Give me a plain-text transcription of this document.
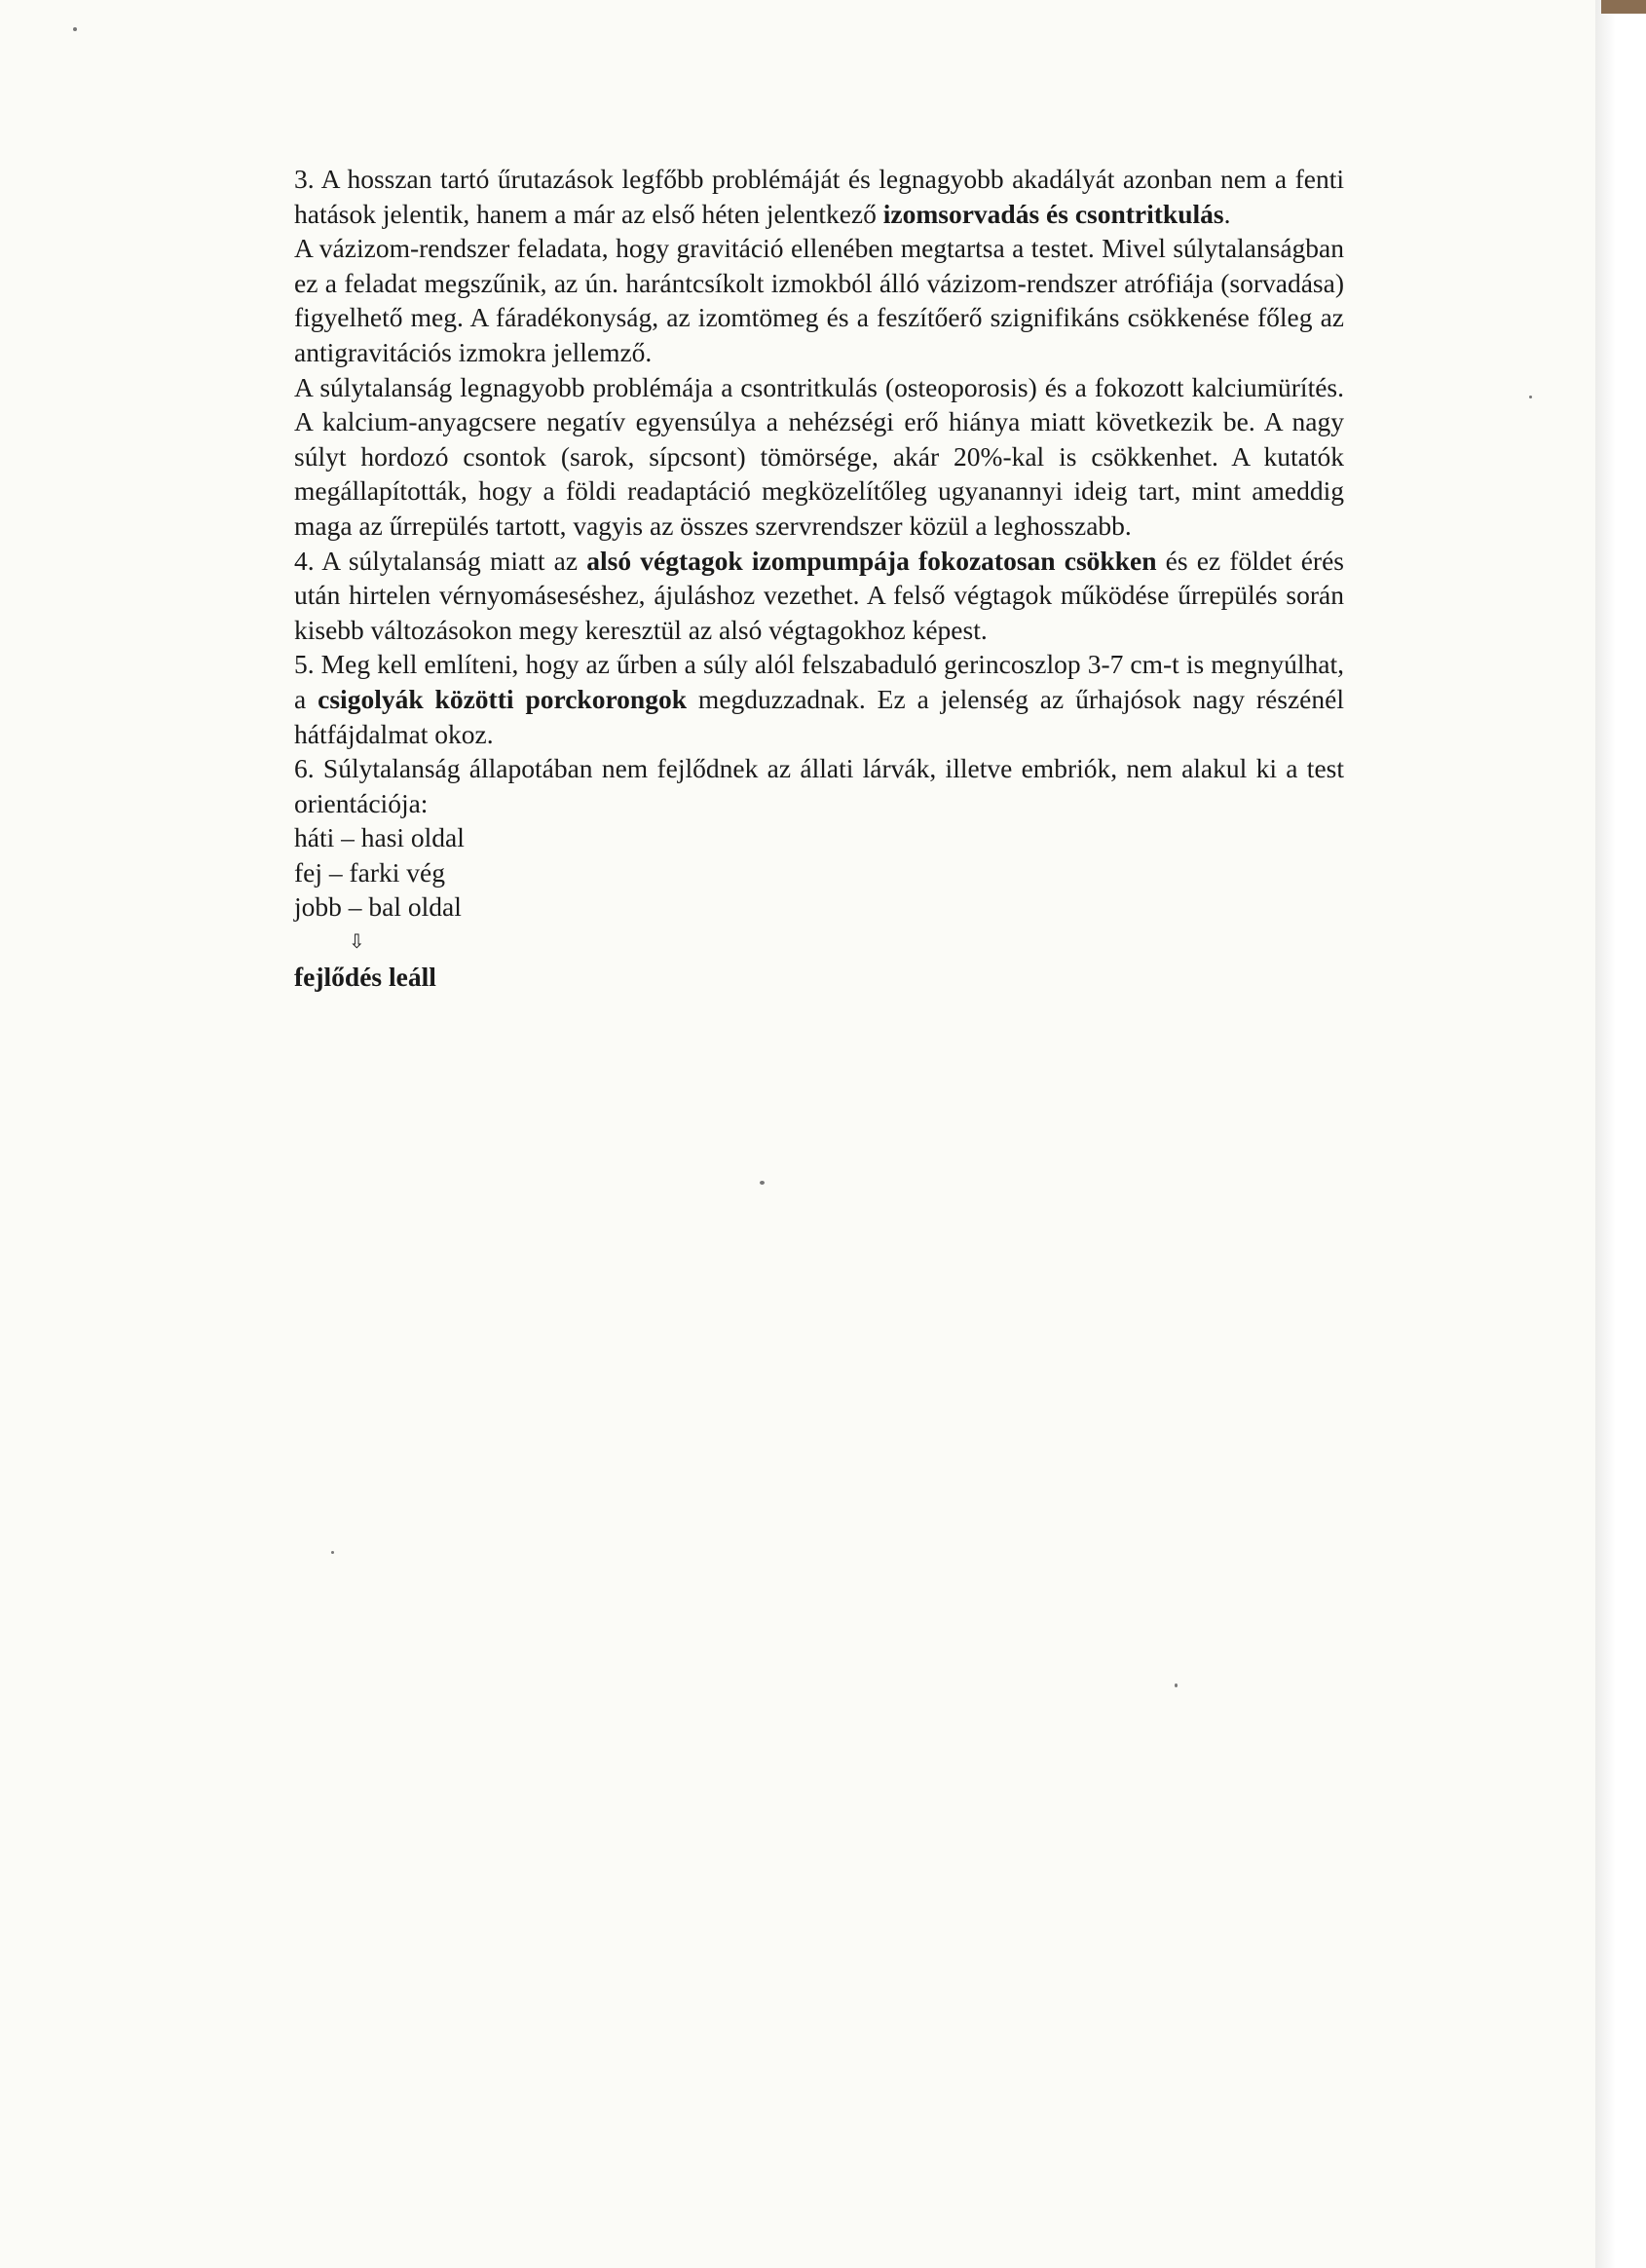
3. A hosszan tartó űrutazások legfőbb problémáját és legnagyobb akadályát azonban nem a fenti hatások jelentik, hanem a már az első héten jelentkező izomsorvadás és csontritkulás.

A vázizom-rendszer feladata, hogy gravitáció ellenében megtartsa a testet. Mivel súlytalanságban ez a feladat megszűnik, az ún. harántcsíkolt izmokból álló vázizom-rendszer atrófiája (sorvadása) figyelhető meg. A fáradékonyság, az izomtömeg és a feszítőerő szignifikáns csökkenése főleg az antigravitációs izmokra jellemző.

A súlytalanság legnagyobb problémája a csontritkulás (osteoporosis) és a fokozott kalciumürítés. A kalcium-anyagcsere negatív egyensúlya a nehézségi erő hiánya miatt következik be. A nagy súlyt hordozó csontok (sarok, sípcsont) tömörsége, akár 20%-kal is csökkenhet. A kutatók megállapították, hogy a földi readaptáció megközelítőleg ugyanannyi ideig tart, mint ameddig maga az űrrepülés tartott, vagyis az összes szervrendszer közül a leghosszabb.

4. A súlytalanság miatt az alsó végtagok izompumpája fokozatosan csökken és ez földet érés után hirtelen vérnyomáseséshez, ájuláshoz vezethet. A felső végtagok működése űrrepülés során kisebb változásokon megy keresztül az alsó végtagokhoz képest.

5. Meg kell említeni, hogy az űrben a súly alól felszabaduló gerincoszlop 3-7 cm-t is megnyúlhat, a csigolyák közötti porckorongok megduzzadnak. Ez a jelenség az űrhajósok nagy részénél hátfájdalmat okoz.

6. Súlytalanság állapotában nem fejlődnek az állati lárvák, illetve embriók, nem alakul ki a test orientációja:

háti – hasi oldal

fej – farki vég

jobb – bal oldal

⇩

fejlődés leáll
